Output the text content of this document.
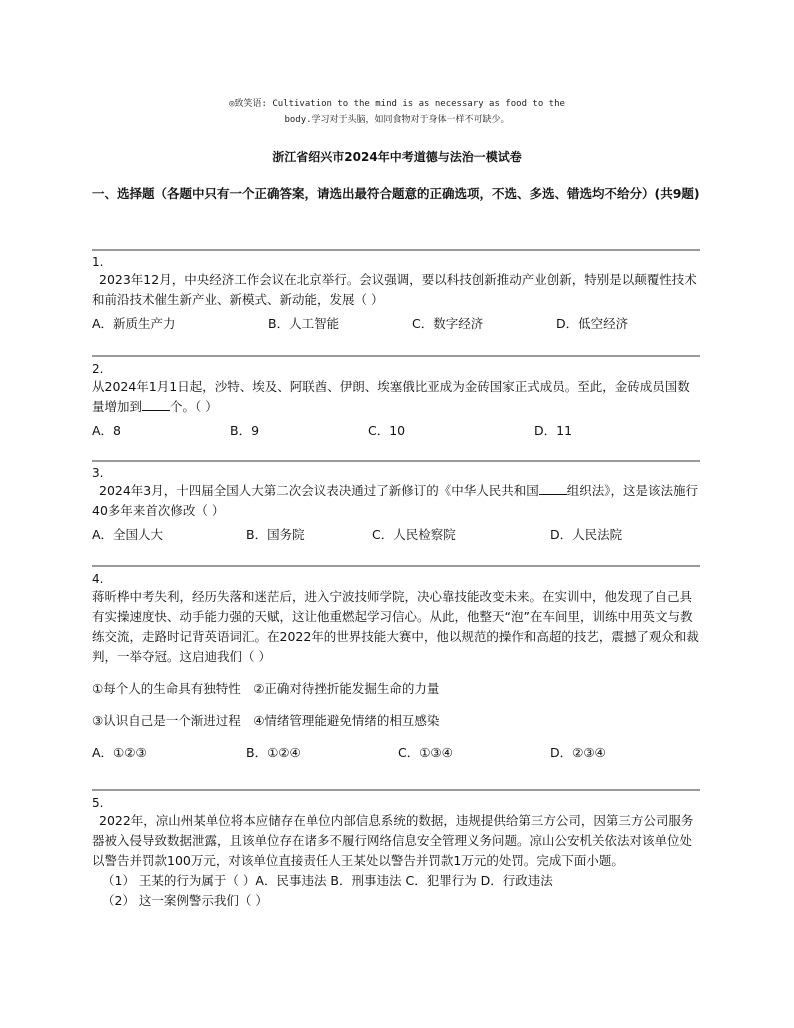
◎致笑语: Cultivation to the mind is as necessary as food to the
body.学习对于头脑，如同食物对于身体一样不可缺少。
浙江省绍兴市2024年中考道德与法治一模试卷
一、选择题（各题中只有一个正确答案，请选出最符合题意的正确选项，不选、多选、错选均不给分）(共9题)
1.

2023年12月，中央经济工作会议在北京举行。会议强调，要以科技创新推动产业创新，特别是以颠覆性技术和前沿技术催生新产业、新模式、新动能，发展（ ）

A．新质生产力	B．人工智能	C．数字经济	D．低空经济
2.

从2024年1月1日起，沙特、埃及、阿联酋、伊朗、埃塞俄比亚成为金砖国家正式成员。至此，金砖成员国数量增加到 个。（ ）

A．8	B．9	C．10	D．11
3.

2024年3月，十四届全国人大第二次会议表决通过了新修订的《中华人民共和国 组织法》，这是该法施行40多年来首次修改（ ）

A．全国人大	B．国务院	C．人民检察院	D．人民法院
4.

蒋昕桦中考失利，经历失落和迷茫后，进入宁波技师学院，决心靠技能改变未来。在实训中，他发现了自己具有实操速度快、动手能力强的天赋，这让他重燃起学习信心。从此，他整天“泡”在车间里，训练中用英文与教练交流，走路时记背英语词汇。在2022年的世界技能大赛中，他以规范的操作和高超的技艺，震撼了观众和裁判，一举夺冠。这启迪我们（ ）

①每个人的生命具有独特性　②正确对待挫折能发掘生命的力量

③认识自己是一个渐进过程　④情绪管理能避免情绪的相互感染

A．①②③	B．①②④	C．①③④	D．②③④
5.

2022年，凉山州某单位将本应储存在单位内部信息系统的数据，违规提供给第三方公司，因第三方公司服务器被入侵导致数据泄露，且该单位存在诸多不履行网络信息安全管理义务问题。凉山公安机关依法对该单位处以警告并罚款100万元，对该单位直接责任人王某处以警告并罚款1万元的处罚。完成下面小题。

（1） 王某的行为属于（ ）A．民事违法 B．刑事违法 C．犯罪行为 D．行政违法

（2） 这一案例警示我们（ ）
